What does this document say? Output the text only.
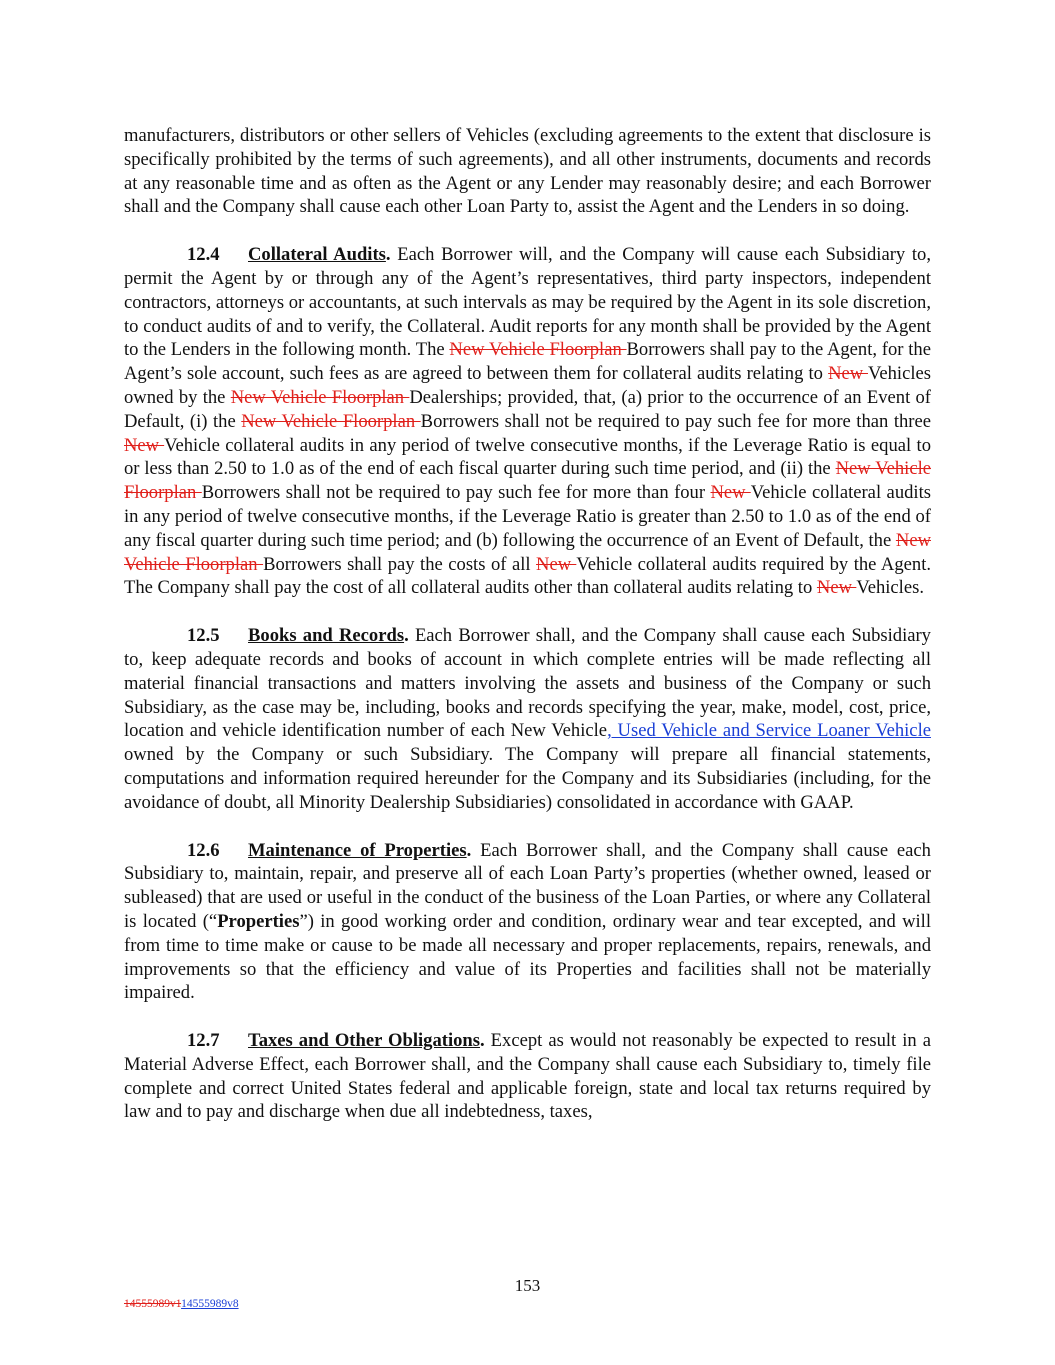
manufacturers, distributors or other sellers of Vehicles (excluding agreements to the extent that disclosure is specifically prohibited by the terms of such agreements), and all other instruments, documents and records at any reasonable time and as often as the Agent or any Lender may reasonably desire; and each Borrower shall and the Company shall cause each other Loan Party to, assist the Agent and the Lenders in so doing.

12.4 Collateral Audits. Each Borrower will, and the Company will cause each Subsidiary to, permit the Agent by or through any of the Agent’s representatives, third party inspectors, independent contractors, attorneys or accountants, at such intervals as may be required by the Agent in its sole discretion, to conduct audits of and to verify, the Collateral. Audit reports for any month shall be provided by the Agent to the Lenders in the following month. The New Vehicle Floorplan Borrowers shall pay to the Agent, for the Agent’s sole account, such fees as are agreed to between them for collateral audits relating to New Vehicles owned by the New Vehicle Floorplan Dealerships; provided, that, (a) prior to the occurrence of an Event of Default, (i) the New Vehicle Floorplan Borrowers shall not be required to pay such fee for more than three New Vehicle collateral audits in any period of twelve consecutive months, if the Leverage Ratio is equal to or less than 2.50 to 1.0 as of the end of each fiscal quarter during such time period, and (ii) the New Vehicle Floorplan Borrowers shall not be required to pay such fee for more than four New Vehicle collateral audits in any period of twelve consecutive months, if the Leverage Ratio is greater than 2.50 to 1.0 as of the end of any fiscal quarter during such time period; and (b) following the occurrence of an Event of Default, the New Vehicle Floorplan Borrowers shall pay the costs of all New Vehicle collateral audits required by the Agent. The Company shall pay the cost of all collateral audits other than collateral audits relating to New Vehicles.

12.5 Books and Records. Each Borrower shall, and the Company shall cause each Subsidiary to, keep adequate records and books of account in which complete entries will be made reflecting all material financial transactions and matters involving the assets and business of the Company or such Subsidiary, as the case may be, including, books and records specifying the year, make, model, cost, price, location and vehicle identification number of each New Vehicle, Used Vehicle and Service Loaner Vehicle owned by the Company or such Subsidiary. The Company will prepare all financial statements, computations and information required hereunder for the Company and its Subsidiaries (including, for the avoidance of doubt, all Minority Dealership Subsidiaries) consolidated in accordance with GAAP.

12.6 Maintenance of Properties. Each Borrower shall, and the Company shall cause each Subsidiary to, maintain, repair, and preserve all of each Loan Party’s properties (whether owned, leased or subleased) that are used or useful in the conduct of the business of the Loan Parties, or where any Collateral is located (“Properties”) in good working order and condition, ordinary wear and tear excepted, and will from time to time make or cause to be made all necessary and proper replacements, repairs, renewals, and improvements so that the efficiency and value of its Properties and facilities shall not be materially impaired.

12.7 Taxes and Other Obligations. Except as would not reasonably be expected to result in a Material Adverse Effect, each Borrower shall, and the Company shall cause each Subsidiary to, timely file complete and correct United States federal and applicable foreign, state and local tax returns required by law and to pay and discharge when due all indebtedness, taxes,

153
14555989v114555989v8
